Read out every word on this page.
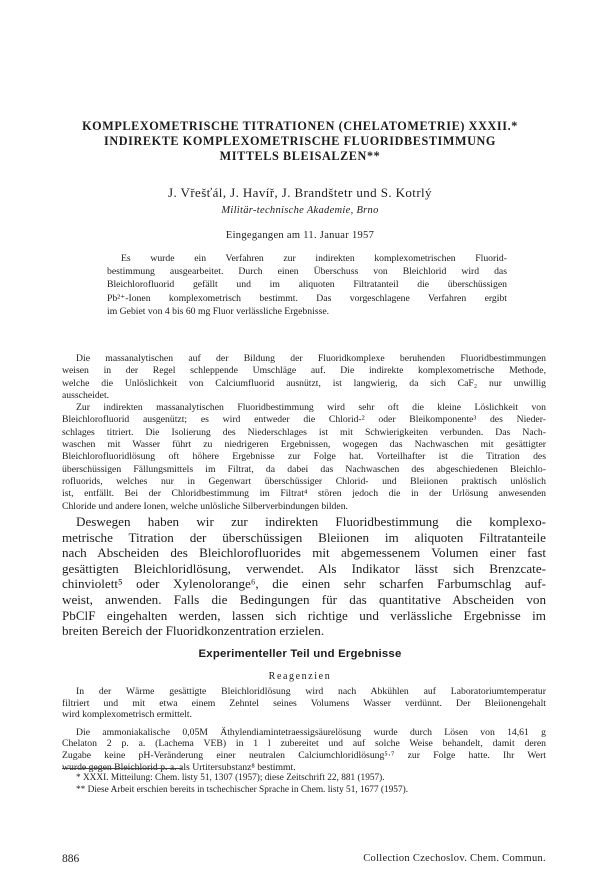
KOMPLEXOMETRISCHE TITRATIONEN (CHELATOMETRIE) XXXII.*
INDIREKTE KOMPLEXOMETRISCHE FLUORIDBESTIMMUNG
MITTELS BLEISALZEN**
J. Vřešťál, J. Havíř, J. Brandštetr und S. Kotrlý
Militär-technische Akademie, Brno
Eingegangen am 11. Januar 1957
Es wurde ein Verfahren zur indirekten komplexometrischen Fluorid-
bestimmung ausgearbeitet. Durch einen Überschuss von Bleichlorid wird das
Bleichlorofluorid gefällt und im aliquoten Filtratanteil die überschüssigen
Pb²⁺-Ionen komplexometrisch bestimmt. Das vorgeschlagene Verfahren ergibt
im Gebiet von 4 bis 60 mg Fluor verlässliche Ergebnisse.
Die massanalytischen auf der Bildung der Fluoridkomplexe beruhenden Fluoridbestimmungen
weisen in der Regel schleppende Umschläge auf. Die indirekte komplexometrische Methode,
welche die Unlöslichkeit von Calciumfluorid ausnützt, ist langwierig, da sich CaF₂ nur unwillig
ausscheidet.
Zur indirekten massanalytischen Fluoridbestimmung wird sehr oft die kleine Löslichkeit von
Bleichlorofluorid ausgenützt; es wird entweder die Chlorid-² oder Bleikomponente³ des Nieder-
schlages titriert. Die Isolierung des Niederschlages ist mit Schwierigkeiten verbunden. Das Nach-
waschen mit Wasser führt zu niedrigeren Ergebnissen, wogegen das Nachwaschen mit gesättigter
Bleichlorofluoridlösung oft höhere Ergebnisse zur Folge hat. Vorteilhafter ist die Titration des
überschüssigen Fällungsmittels im Filtrat, da dabei das Nachwaschen des abgeschiedenen Bleichlo-
rofluorids, welches nur in Gegenwart überschüssiger Chlorid- und Bleiionen praktisch unlöslich
ist, entfällt. Bei der Chloridbestimmung im Filtrat⁴ stören jedoch die in der Urlösung anwesenden
Chloride und andere Ionen, welche unlösliche Silberverbindungen bilden.
Deswegen haben wir zur indirekten Fluoridbestimmung die komplexo-
metrische Titration der überschüssigen Bleiionen im aliquoten Filtratanteile
nach Abscheiden des Bleichlorofluorides mit abgemessenem Volumen einer fast
gesättigten Bleichloridlösung, verwendet. Als Indikator lässt sich Brenzcate-
chinviolett⁵ oder Xylenolorange⁶, die einen sehr scharfen Farbumschlag auf-
weist, anwenden. Falls die Bedingungen für das quantitative Abscheiden von
PbClF eingehalten werden, lassen sich richtige und verlässliche Ergebnisse im
breiten Bereich der Fluoridkonzentration erzielen.
Experimenteller Teil und Ergebnisse
Reagenzien
In der Wärme gesättigte Bleichloridlösung wird nach Abkühlen auf Laboratoriumtemperatur
filtriert und mit etwa einem Zehntel seines Volumens Wasser verdünnt. Der Bleiionengehalt
wird komplexometrisch ermittelt.
Die ammoniakalische 0,05M Äthylendiamintetraessigsäurelösung wurde durch Lösen von 14,61 g
Chelaton 2 p. a. (Lachema VEB) in 1 l zubereitet und auf solche Weise behandelt, damit deren
Zugabe keine pH-Veränderung einer neutralen Calciumchloridlösung⁵·⁷ zur Folge hatte. Ihr Wert
wurde gegen Bleichlorid p. a. als Urtitersubstanz⁸ bestimmt.
* XXXI. Mitteilung: Chem. listy 51, 1307 (1957); diese Zeitschrift 22, 881 (1957).
** Diese Arbeit erschien bereits in tschechischer Sprache in Chem. listy 51, 1677 (1957).
886	Collection Czechoslov. Chem. Commun.
